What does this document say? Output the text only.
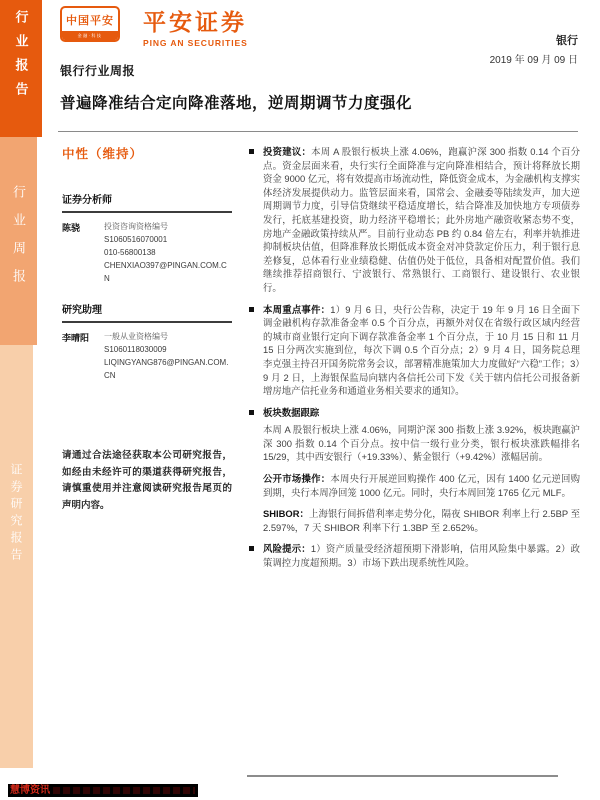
行业报告
行业周报
证券研究报告
中国平安
金融·科技
平安证券
PING AN SECURITIES	银行
2019 年 09 月 09 日
银行行业周报
普遍降准结合定向降准落地，逆周期调节力度强化
中性（维持）
证券分析师
陈骁	投资咨询资格编号
S1060516070001
010-56800138
CHENXIAO397@PINGAN.COM.CN
研究助理
李晴阳	一般从业资格编号
S1060118030009
LIQINGYANG876@PINGAN.COM.CN
请通过合法途径获取本公司研究报告，如经由未经许可的渠道获得研究报告，请慎重使用并注意阅读研究报告尾页的声明内容。
投资建议：本周 A 股银行板块上涨 4.06%，跑赢沪深 300 指数 0.14 个百分点。资金层面来看，央行实行全面降准与定向降准相结合，预计将释放长期资金 9000 亿元，将有效提高市场流动性，降低资金成本，为金融机构支撑实体经济发展提供动力。监管层面来看，国常会、金融委等陆续发声，加大逆周期调节力度，引导信贷继续平稳适度增长，结合降准及加快地方专项债券发行，托底基建投资，助力经济平稳增长；此外房地产融资收紧态势不变，房地产金融政策持续从严。目前行业动态 PB 约 0.84 倍左右，利率并轨推进抑制板块估值，但降准释放长期低成本资金对冲贷款定价压力，利于银行息差修复，总体看行业业绩稳健、估值仍处于低位，具备相对配置价值。我们继续推荐招商银行、宁波银行、常熟银行、工商银行、建设银行、农业银行。
本周重点事件：1）9 月 6 日，央行公告称，决定于 19 年 9 月 16 日全面下调金融机构存款准备金率 0.5 个百分点，再额外对仅在省级行政区域内经营的城市商业银行定向下调存款准备金率 1 个百分点，于 10 月 15 日和 11 月 15 日分两次实施到位，每次下调 0.5 个百分点；2）9 月 4 日，国务院总理李克强主持召开国务院常务会议，部署精准施策加大力度做好“六稳”工作；3）9 月 2 日，上海银保监局向辖内各信托公司下发《关于辖内信托公司报备新增房地产信托业务和通道业务相关要求的通知》。
板块数据跟踪
本周 A 股银行板块上涨 4.06%，同期沪深 300 指数上涨 3.92%，板块跑赢沪深 300 指数 0.14 个百分点。按中信一级行业分类，银行板块涨跌幅排名 15/29，其中西安银行（+19.33%）、紫金银行（+9.42%）涨幅居前。
公开市场操作：本周央行开展逆回购操作 400 亿元，因有 1400 亿元逆回购到期，央行本周净回笼 1000 亿元。同时，央行本周回笼 1765 亿元 MLF。
SHIBOR：上海银行间拆借利率走势分化，隔夜 SHIBOR 利率上行 2.5BP 至 2.597%，7 天 SHIBOR 利率下行 1.3BP 至 2.652%。
风险提示：1）资产质量受经济超预期下滑影响，信用风险集中暴露。2）政策调控力度超预期。3）市场下跌出现系统性风险。
慧博资讯
